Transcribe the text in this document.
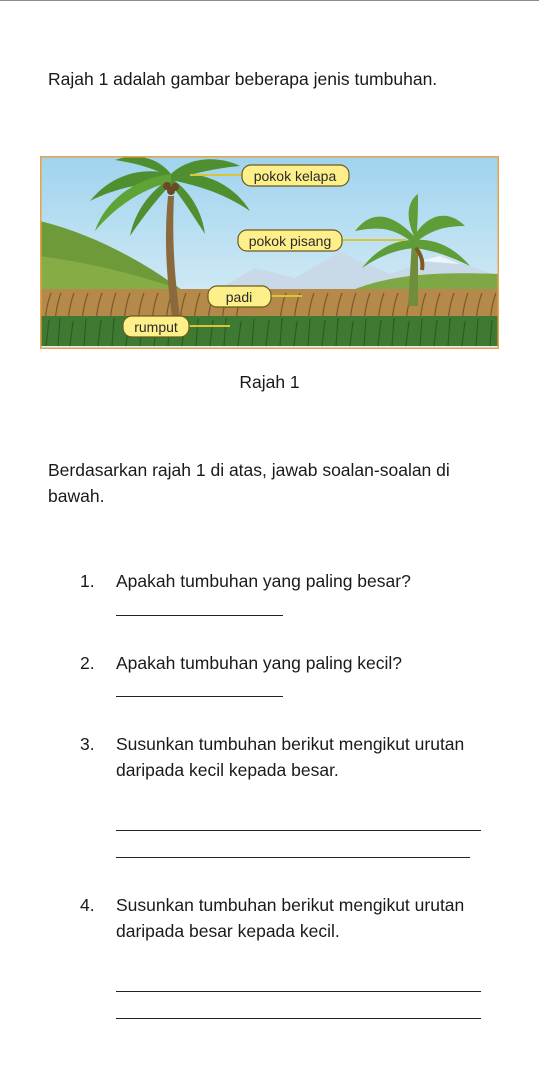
Rajah 1 adalah gambar beberapa jenis tumbuhan.
pokok kelapa
pokok pisang
padi
rumput
Rajah 1
Berdasarkan rajah 1 di atas, jawab soalan-soalan di bawah.
1. Apakah tumbuhan yang paling besar?
2. Apakah tumbuhan yang paling kecil?
3. Susunkan tumbuhan berikut mengikut urutan daripada kecil kepada besar.
4. Susunkan tumbuhan berikut mengikut urutan daripada besar kepada kecil.
